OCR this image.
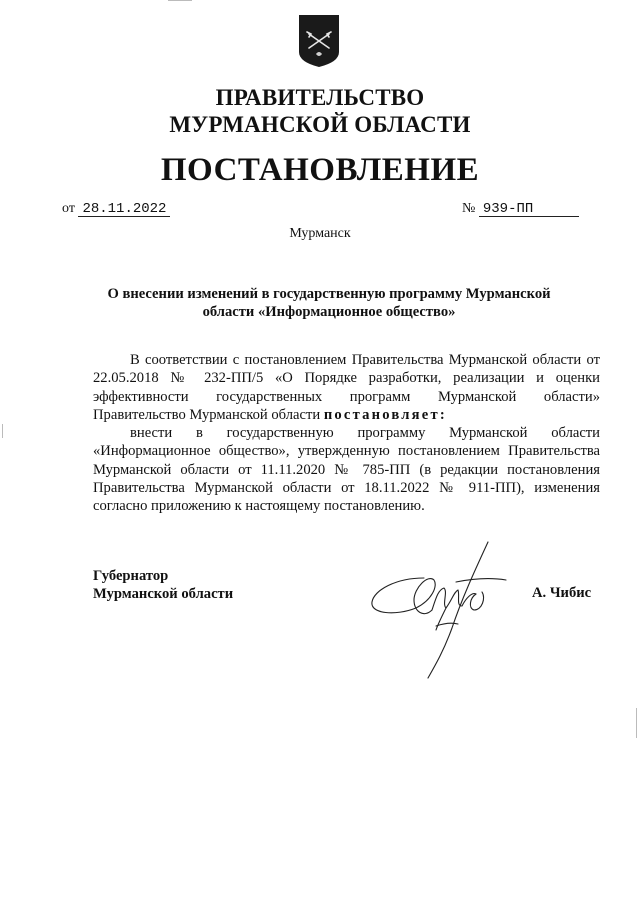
ПРАВИТЕЛЬСТВО
МУРМАНСКОЙ ОБЛАСТИ
ПОСТАНОВЛЕНИЕ
от 28.11.2022	№ 939-ПП
Мурманск
О внесении изменений в государственную программу Мурманской области «Информационное общество»

В соответствии с постановлением Правительства Мурманской области от 22.05.2018 № 232-ПП/5 «О Порядке разработки, реализации и оценки эффективности государственных программ Мурманской области» Правительство Мурманской области постановляет:

внести в государственную программу Мурманской области «Информационное общество», утвержденную постановлением Правительства Мурманской области от 11.11.2020 № 785-ПП (в редакции постановления Правительства Мурманской области от 18.11.2022 № 911-ПП), изменения согласно приложению к настоящему постановлению.

Губернатор
Мурманской области	А. Чибис
